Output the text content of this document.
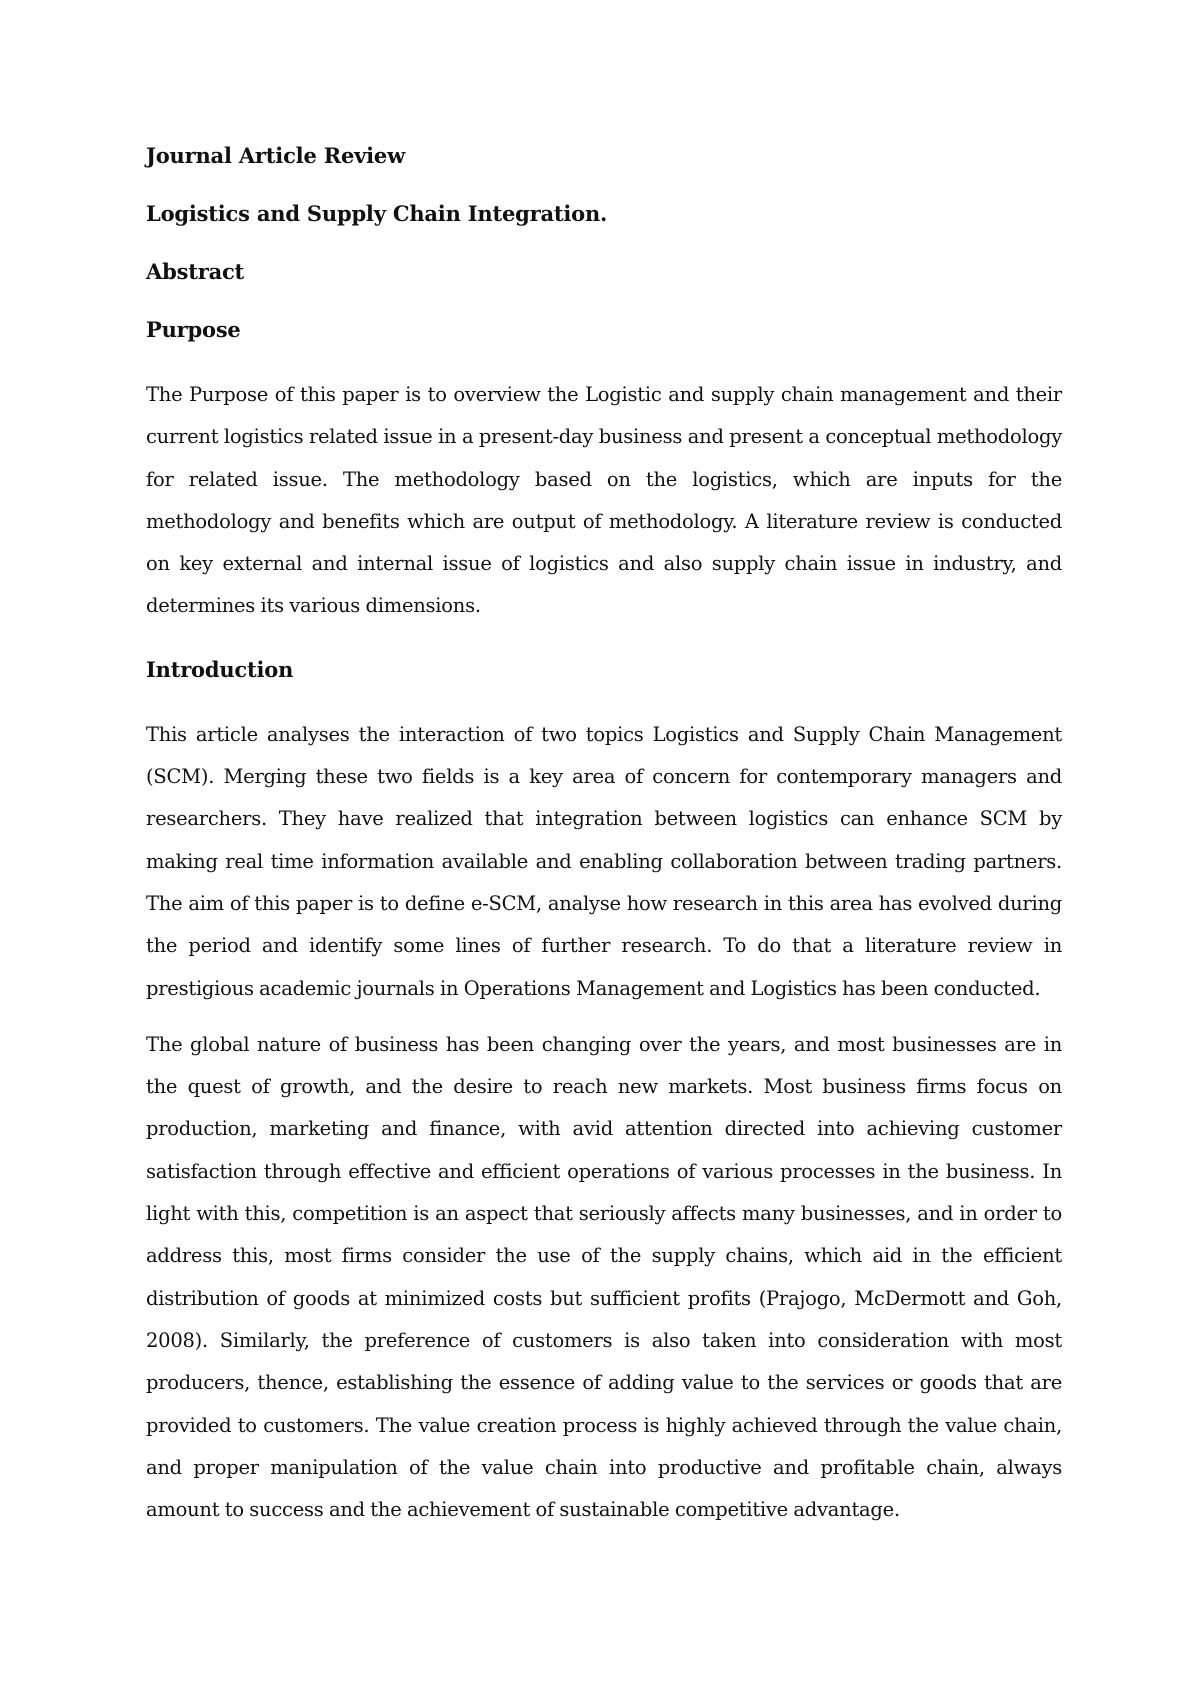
Journal Article Review
Logistics and Supply Chain Integration.
Abstract
Purpose

The Purpose of this paper is to overview the Logistic and supply chain management and their current logistics related issue in a present-day business and present a conceptual methodology for related issue. The methodology based on the logistics, which are inputs for the methodology and benefits which are output of methodology. A literature review is conducted on key external and internal issue of logistics and also supply chain issue in industry, and determines its various dimensions.

Introduction

This article analyses the interaction of two topics Logistics and Supply Chain Management (SCM). Merging these two fields is a key area of concern for contemporary managers and researchers. They have realized that integration between logistics can enhance SCM by making real time information available and enabling collaboration between trading partners. The aim of this paper is to define e-SCM, analyse how research in this area has evolved during the period and identify some lines of further research. To do that a literature review in prestigious academic journals in Operations Management and Logistics has been conducted.

The global nature of business has been changing over the years, and most businesses are in the quest of growth, and the desire to reach new markets. Most business firms focus on production, marketing and finance, with avid attention directed into achieving customer satisfaction through effective and efficient operations of various processes in the business. In light with this, competition is an aspect that seriously affects many businesses, and in order to address this, most firms consider the use of the supply chains, which aid in the efficient distribution of goods at minimized costs but sufficient profits (Prajogo, McDermott and Goh, 2008). Similarly, the preference of customers is also taken into consideration with most producers, thence, establishing the essence of adding value to the services or goods that are provided to customers. The value creation process is highly achieved through the value chain, and proper manipulation of the value chain into productive and profitable chain, always amount to success and the achievement of sustainable competitive advantage.
